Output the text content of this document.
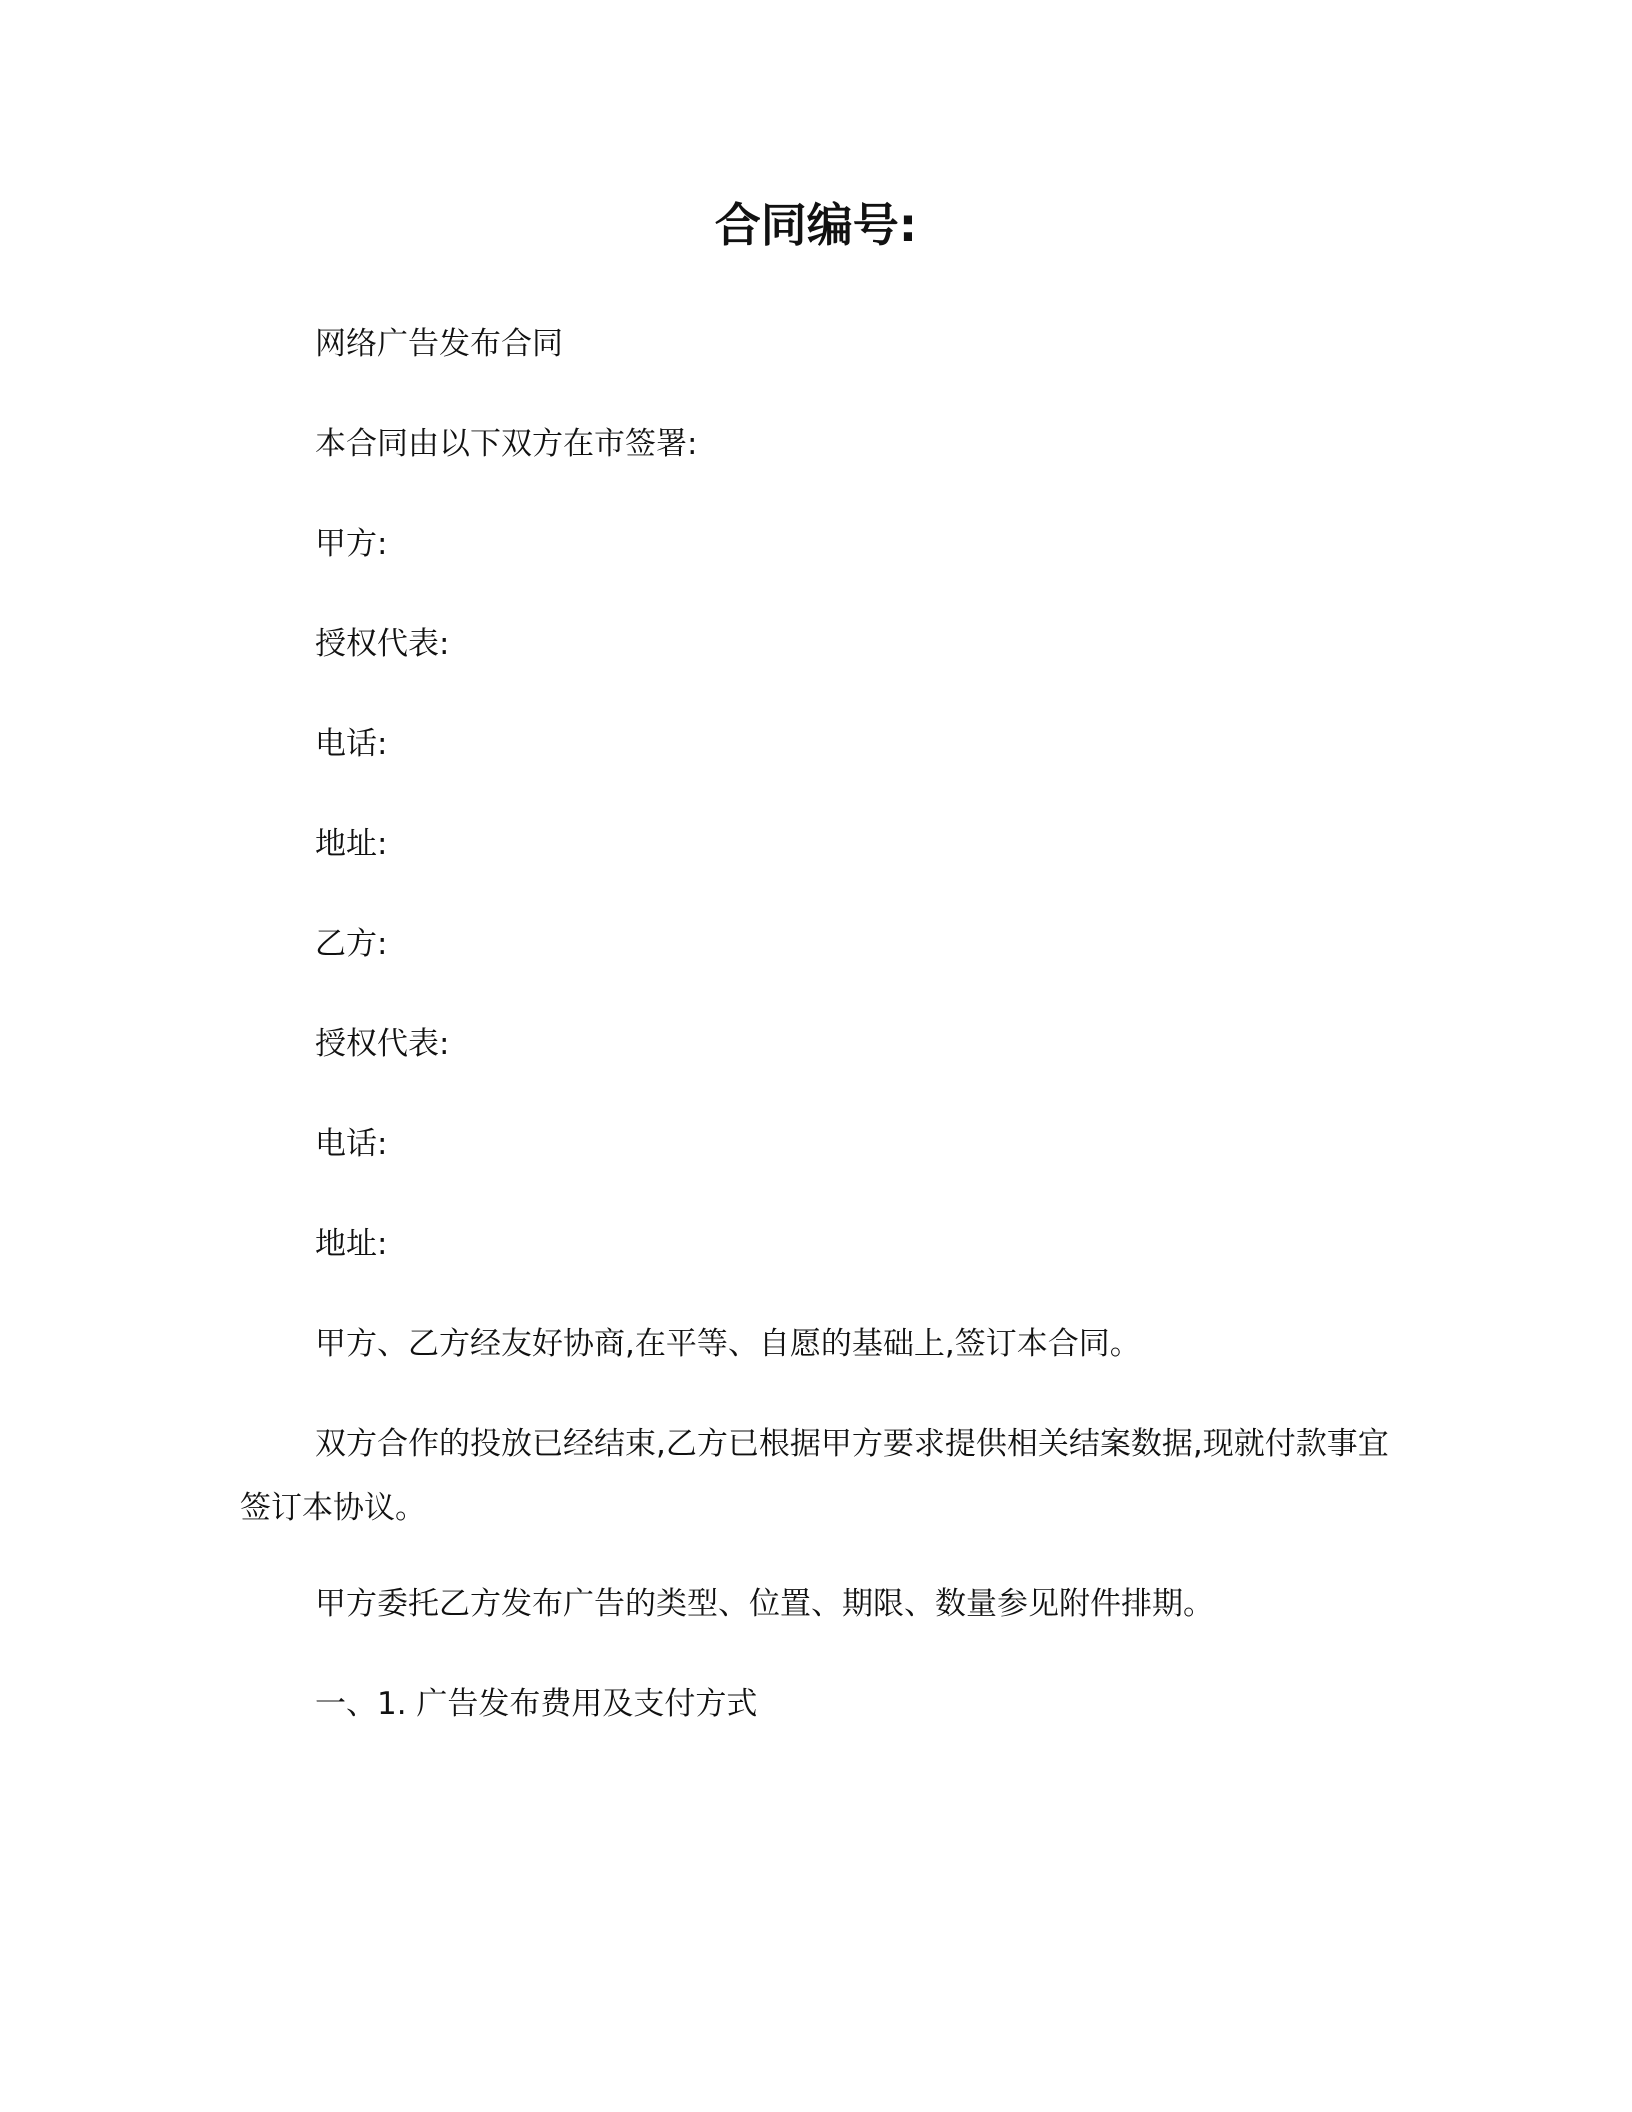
合同编号:
网络广告发布合同
本合同由以下双方在市签署:
甲方:
授权代表:
电话:
地址:
乙方:
授权代表:
电话:
地址:
甲方、乙方经友好协商,在平等、自愿的基础上,签订本合同。
双方合作的投放已经结束,乙方已根据甲方要求提供相关结案数据,现就付款事宜签订本协议。
甲方委托乙方发布广告的类型、位置、期限、数量参见附件排期。
一、1. 广告发布费用及支付方式
